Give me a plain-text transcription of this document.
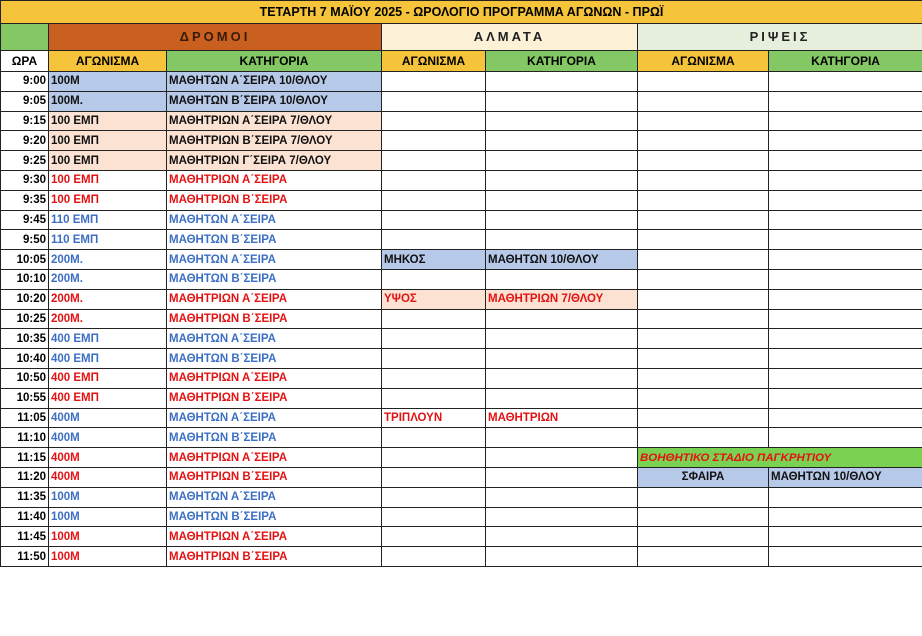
ΤΕΤΑΡΤΗ 7 ΜΑΪΟΥ 2025 - ΩΡΟΛΟΓΙΟ ΠΡΟΓΡΑΜΜΑ ΑΓΩΝΩΝ - ΠΡΩΪ						
	ΔΡΟΜΟΙ		ΑΛΜΑΤΑ		ΡΙΨΕΙΣ	
ΩΡΑ	ΑΓΩΝΙΣΜΑ	ΚΑΤΗΓΟΡΙΑ	ΑΓΩΝΙΣΜΑ	ΚΑΤΗΓΟΡΙΑ	ΑΓΩΝΙΣΜΑ	ΚΑΤΗΓΟΡΙΑ
9:00	100Μ	ΜΑΘΗΤΩΝ Α΄ΣΕΙΡΑ 10/ΘΛΟΥ				
9:05	100Μ.	ΜΑΘΗΤΩΝ Β΄ΣΕΙΡΑ 10/ΘΛΟΥ				
9:15	100 ΕΜΠ	ΜΑΘΗΤΡΙΩΝ Α΄ΣΕΙΡΑ 7/ΘΛΟΥ				
9:20	100 ΕΜΠ	ΜΑΘΗΤΡΙΩΝ Β΄ΣΕΙΡΑ 7/ΘΛΟΥ				
9:25	100 ΕΜΠ	ΜΑΘΗΤΡΙΩΝ Γ΄ΣΕΙΡΑ 7/ΘΛΟΥ				
9:30	100 ΕΜΠ	ΜΑΘΗΤΡΙΩΝ Α΄ΣΕΙΡΑ				
9:35	100 ΕΜΠ	ΜΑΘΗΤΡΙΩΝ Β΄ΣΕΙΡΑ				
9:45	110 ΕΜΠ	ΜΑΘΗΤΩΝ Α΄ΣΕΙΡΑ				
9:50	110 ΕΜΠ	ΜΑΘΗΤΩΝ Β΄ΣΕΙΡΑ				
10:05	200Μ.	ΜΑΘΗΤΩΝ Α΄ΣΕΙΡΑ	ΜΗΚΟΣ	ΜΑΘΗΤΩΝ 10/ΘΛΟΥ		
10:10	200Μ.	ΜΑΘΗΤΩΝ Β΄ΣΕΙΡΑ				
10:20	200Μ.	ΜΑΘΗΤΡΙΩΝ Α΄ΣΕΙΡΑ	ΥΨΟΣ	ΜΑΘΗΤΡΙΩΝ 7/ΘΛΟΥ		
10:25	200Μ.	ΜΑΘΗΤΡΙΩΝ Β΄ΣΕΙΡΑ				
10:35	400 ΕΜΠ	ΜΑΘΗΤΩΝ Α΄ΣΕΙΡΑ				
10:40	400 ΕΜΠ	ΜΑΘΗΤΩΝ Β΄ΣΕΙΡΑ				
10:50	400 ΕΜΠ	ΜΑΘΗΤΡΙΩΝ Α΄ΣΕΙΡΑ				
10:55	400 ΕΜΠ	ΜΑΘΗΤΡΙΩΝ Β΄ΣΕΙΡΑ				
11:05	400Μ	ΜΑΘΗΤΩΝ Α΄ΣΕΙΡΑ	ΤΡΙΠΛΟΥΝ	ΜΑΘΗΤΡΙΩΝ		
11:10	400Μ	ΜΑΘΗΤΩΝ Β΄ΣΕΙΡΑ				
11:15	400Μ	ΜΑΘΗΤΡΙΩΝ Α΄ΣΕΙΡΑ			ΒΟΗΘΗΤΙΚΟ ΣΤΑΔΙΟ ΠΑΓΚΡΗΤΙΟΥ	
11:20	400Μ	ΜΑΘΗΤΡΙΩΝ Β΄ΣΕΙΡΑ			ΣΦΑΙΡΑ	ΜΑΘΗΤΩΝ 10/ΘΛΟΥ
11:35	100Μ	ΜΑΘΗΤΩΝ Α΄ΣΕΙΡΑ				
11:40	100Μ	ΜΑΘΗΤΩΝ Β΄ΣΕΙΡΑ				
11:45	100Μ	ΜΑΘΗΤΡΙΩΝ Α΄ΣΕΙΡΑ				
11:50	100Μ	ΜΑΘΗΤΡΙΩΝ Β΄ΣΕΙΡΑ				
